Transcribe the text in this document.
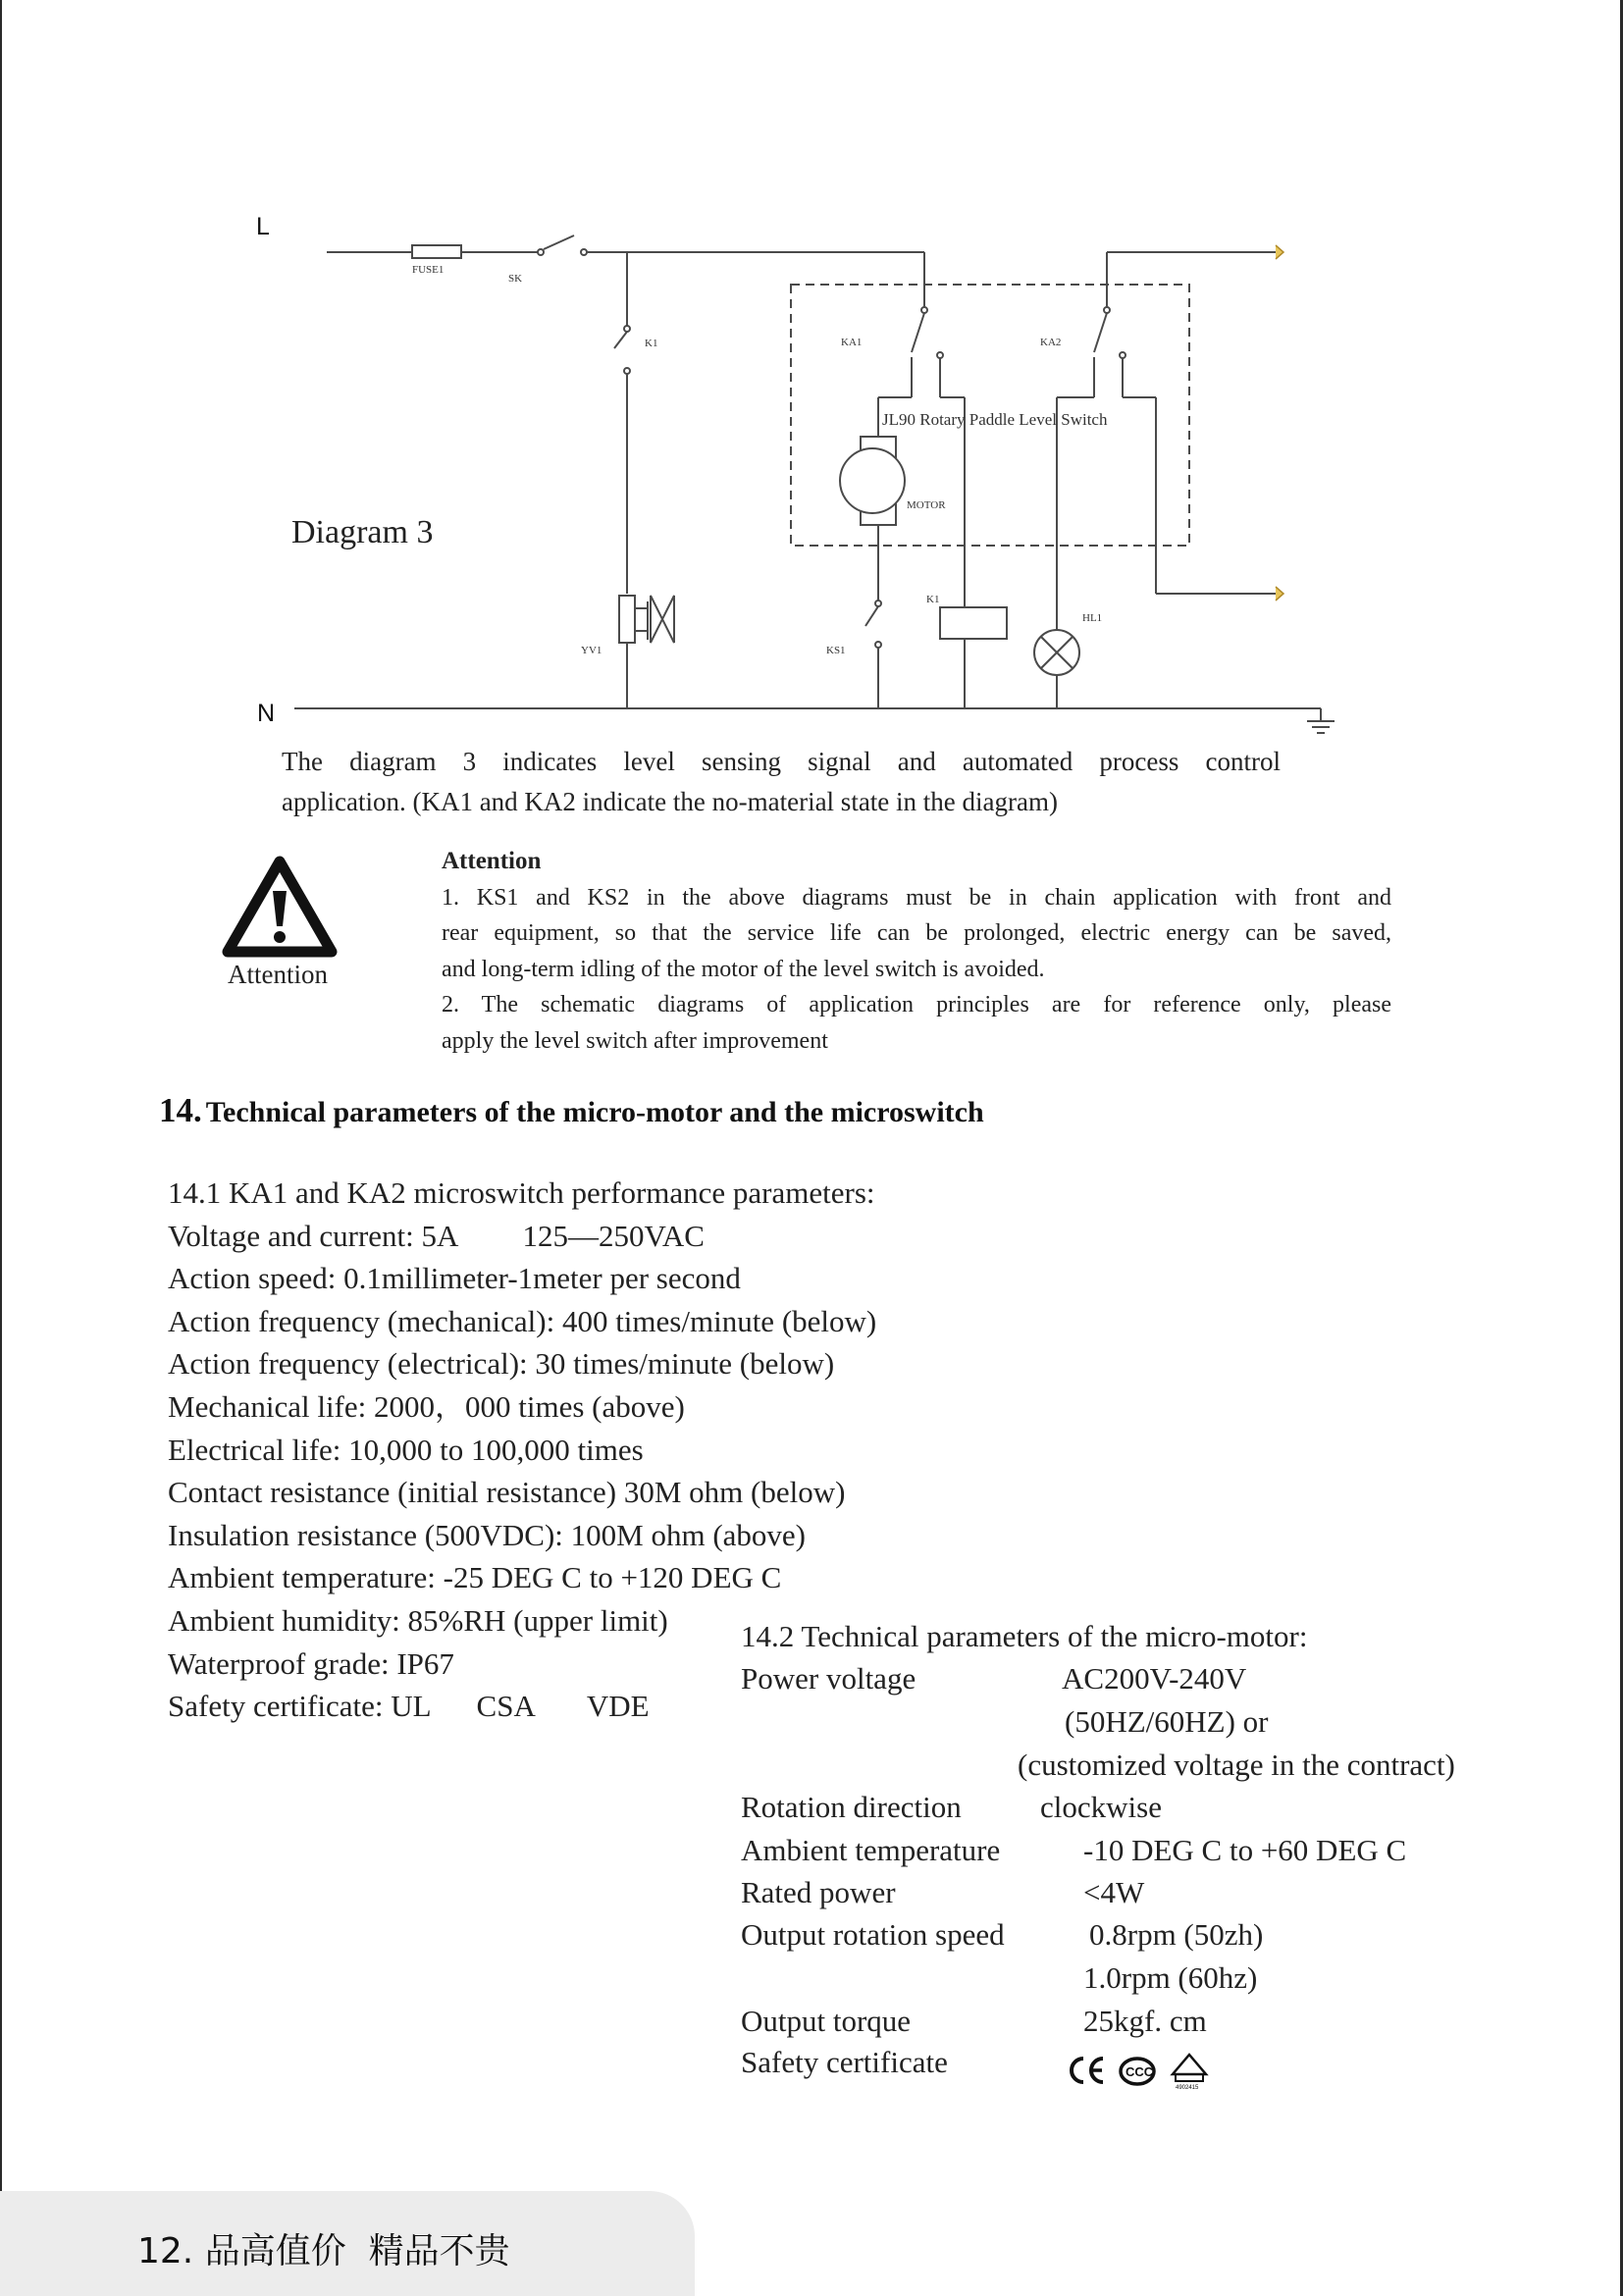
FUSE1
SK
K1	KA1	KA2
JL90 Rotary Paddle Level Switch
MOTOR
K1
HL1
YV1	KS1
L
N
Diagram 3
The diagram 3 indicates level sensing signal and automated process control
application. (KA1 and KA2 indicate the no-material state in the diagram)
Attention
Attention
1. KS1 and KS2 in the above diagrams must be in chain application with front and
rear equipment, so that the service life can be prolonged, electric energy can be saved,
and long-term idling of the motor of the level switch is avoided.
2. The schematic diagrams of application principles are for reference only, please
apply the level switch after improvement
14. Technical parameters of the micro-motor and the microswitch
14.1 KA1 and KA2 microswitch performance parameters:
Voltage and current: 5A 125—250VAC
Action speed: 0.1millimeter-1meter per second
Action frequency (mechanical): 400 times/minute (below)
Action frequency (electrical): 30 times/minute (below)
Mechanical life: 2000，000 times (above)
Electrical life: 10,000 to 100,000 times
Contact resistance (initial resistance) 30M ohm (below)
Insulation resistance (500VDC): 100M ohm (above)
Ambient temperature: -25 DEG C to +120 DEG C
Ambient humidity: 85%RH (upper limit)
Waterproof grade: IP67
Safety certificate: UL CSA VDE
14.2 Technical parameters of the micro-motor:
Power voltage	AC200V-240V
(50HZ/60HZ) or
(customized voltage in the contract)
Rotation direction	clockwise
Ambient temperature	-10 DEG C to +60 DEG C
Rated power	<4W
Output rotation speed	0.8rpm (50zh)
1.0rpm (60hz)
Output torque	25kgf. cm
Safety certificate	CCC
4902415
12. 品高值价  精品不贵
